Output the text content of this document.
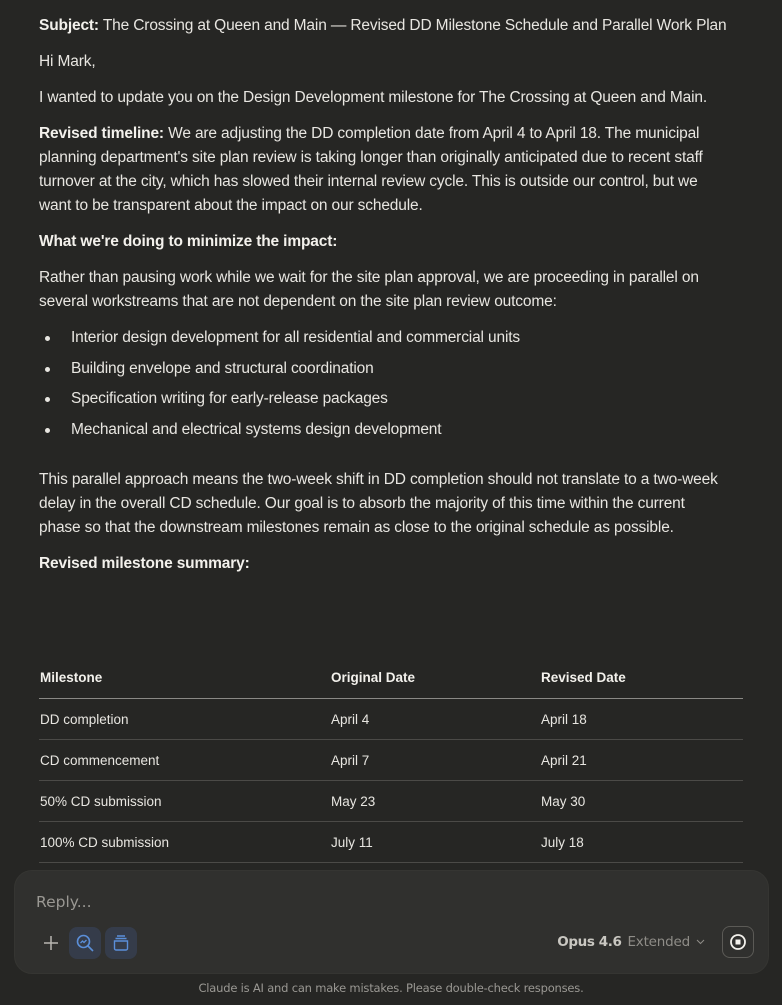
Subject: The Crossing at Queen and Main — Revised DD Milestone Schedule and Parallel Work Plan

Hi Mark,

I wanted to update you on the Design Development milestone for The Crossing at Queen and Main.

Revised timeline: We are adjusting the DD completion date from April 4 to April 18. The municipal planning department's site plan review is taking longer than originally anticipated due to recent staff turnover at the city, which has slowed their internal review cycle. This is outside our control, but we want to be transparent about the impact on our schedule.

What we're doing to minimize the impact:

Rather than pausing work while we wait for the site plan approval, we are proceeding in parallel on several workstreams that are not dependent on the site plan review outcome:

Interior design development for all residential and commercial units
Building envelope and structural coordination
Specification writing for early-release packages
Mechanical and electrical systems design development

This parallel approach means the two-week shift in DD completion should not translate to a two-week delay in the overall CD schedule. Our goal is to absorb the majority of this time within the current phase so that the downstream milestones remain as close to the original schedule as possible.

Revised milestone summary:

Milestone	Original Date	Revised Date
DD completion	April 4	April 18
CD commencement	April 7	April 21
50% CD submission	May 23	May 30
100% CD submission	July 11	July 18
Reply...
Opus 4.6 Extended
Claude is AI and can make mistakes. Please double-check responses.
